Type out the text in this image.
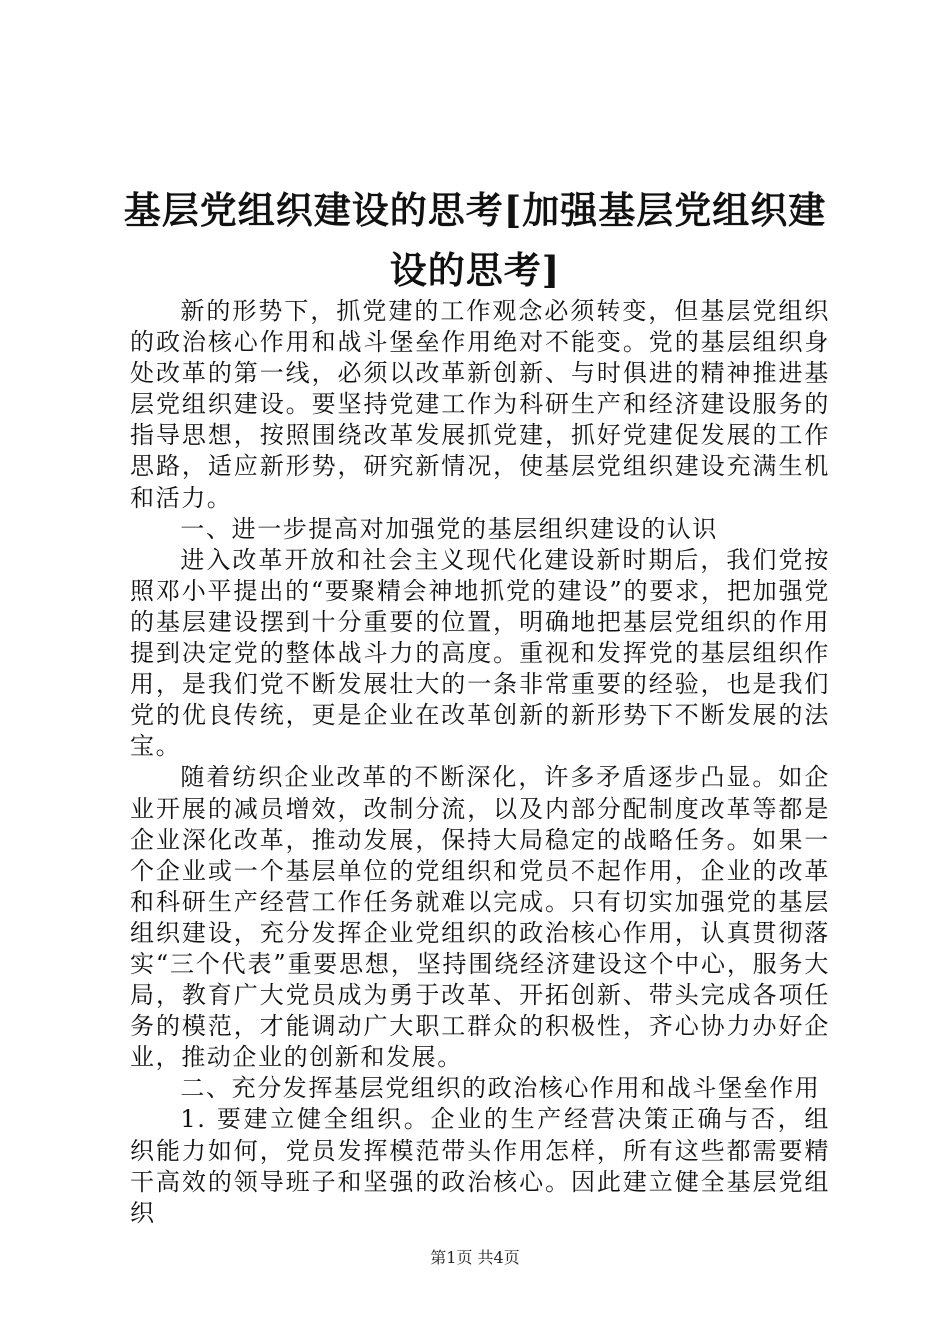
基层党组织建设的思考[加强基层党组织建设的思考]

新的形势下，抓党建的工作观念必须转变，但基层党组织的政治核心作用和战斗堡垒作用绝对不能变。党的基层组织身处改革的第一线，必须以改革新创新、与时俱进的精神推进基层党组织建设。要坚持党建工作为科研生产和经济建设服务的指导思想，按照围绕改革发展抓党建，抓好党建促发展的工作思路，适应新形势，研究新情况，使基层党组织建设充满生机和活力。

一、进一步提高对加强党的基层组织建设的认识

进入改革开放和社会主义现代化建设新时期后，我们党按照邓小平提出的“要聚精会神地抓党的建设”的要求，把加强党的基层建设摆到十分重要的位置，明确地把基层党组织的作用提到决定党的整体战斗力的高度。重视和发挥党的基层组织作用，是我们党不断发展壮大的一条非常重要的经验，也是我们党的优良传统，更是企业在改革创新的新形势下不断发展的法宝。

随着纺织企业改革的不断深化，许多矛盾逐步凸显。如企业开展的减员增效，改制分流，以及内部分配制度改革等都是企业深化改革，推动发展，保持大局稳定的战略任务。如果一个企业或一个基层单位的党组织和党员不起作用，企业的改革和科研生产经营工作任务就难以完成。只有切实加强党的基层组织建设，充分发挥企业党组织的政治核心作用，认真贯彻落实“三个代表”重要思想，坚持围绕经济建设这个中心，服务大局，教育广大党员成为勇于改革、开拓创新、带头完成各项任务的模范，才能调动广大职工群众的积极性，齐心协力办好企业，推动企业的创新和发展。

二、充分发挥基层党组织的政治核心作用和战斗堡垒作用

1. 要建立健全组织。企业的生产经营决策正确与否，组织能力如何，党员发挥模范带头作用怎样，所有这些都需要精干高效的领导班子和坚强的政治核心。因此建立健全基层党组织

第1页 共4页
